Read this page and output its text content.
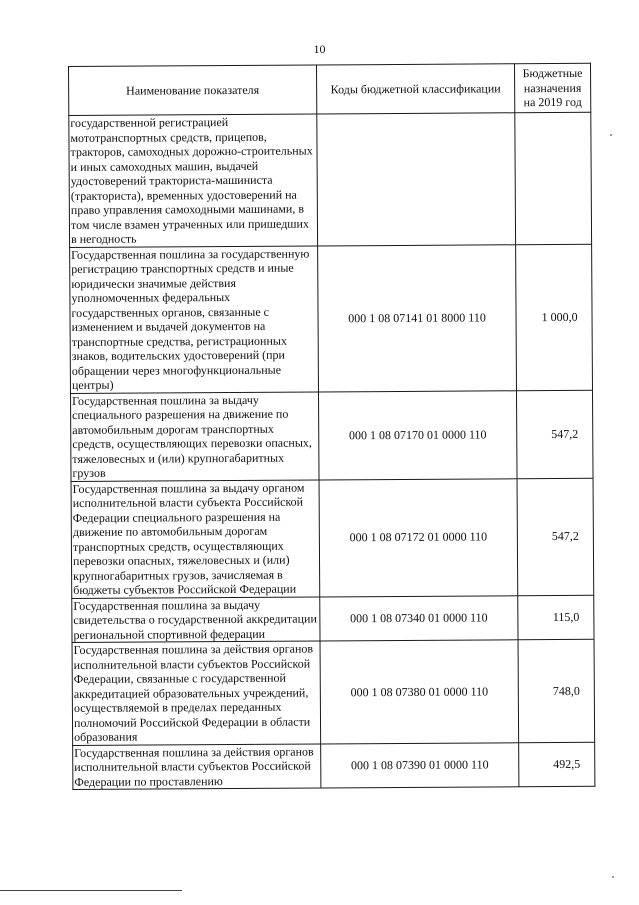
10
Наименование показателя	Коды бюджетной классификации	Бюджетные назначения на 2019 год
государственной регистрацией мототранспортных средств, прицепов, тракторов, самоходных дорожно-строительных и иных самоходных машин, выдачей удостоверений тракториста-машиниста (тракториста), временных удостоверений на право управления самоходными машинами, в том числе взамен утраченных или пришедших в негодность		
Государственная пошлина за государственную регистрацию транспортных средств и иные юридически значимые действия уполномоченных федеральных государственных органов, связанные с изменением и выдачей документов на транспортные средства, регистрационных знаков, водительских удостоверений (при обращении через многофункциональные центры)	000 1 08 07141 01 8000 110	1 000,0
Государственная пошлина за выдачу специального разрешения на движение по автомобильным дорогам транспортных средств, осуществляющих перевозки опасных, тяжеловесных и (или) крупногабаритных грузов	000 1 08 07170 01 0000 110	547,2
Государственная пошлина за выдачу органом исполнительной власти субъекта Российской Федерации специального разрешения на движение по автомобильным дорогам транспортных средств, осуществляющих перевозки опасных, тяжеловесных и (или) крупногабаритных грузов, зачисляемая в бюджеты субъектов Российской Федерации	000 1 08 07172 01 0000 110	547,2
Государственная пошлина за выдачу свидетельства о государственной аккредитации региональной спортивной федерации	000 1 08 07340 01 0000 110	115,0
Государственная пошлина за действия органов исполнительной власти субъектов Российской Федерации, связанные с государственной аккредитацией образовательных учреждений, осуществляемой в пределах переданных полномочий Российской Федерации в области образования	000 1 08 07380 01 0000 110	748,0
Государственная пошлина за действия органов исполнительной власти субъектов Российской Федерации по проставлению	000 1 08 07390 01 0000 110	492,5
